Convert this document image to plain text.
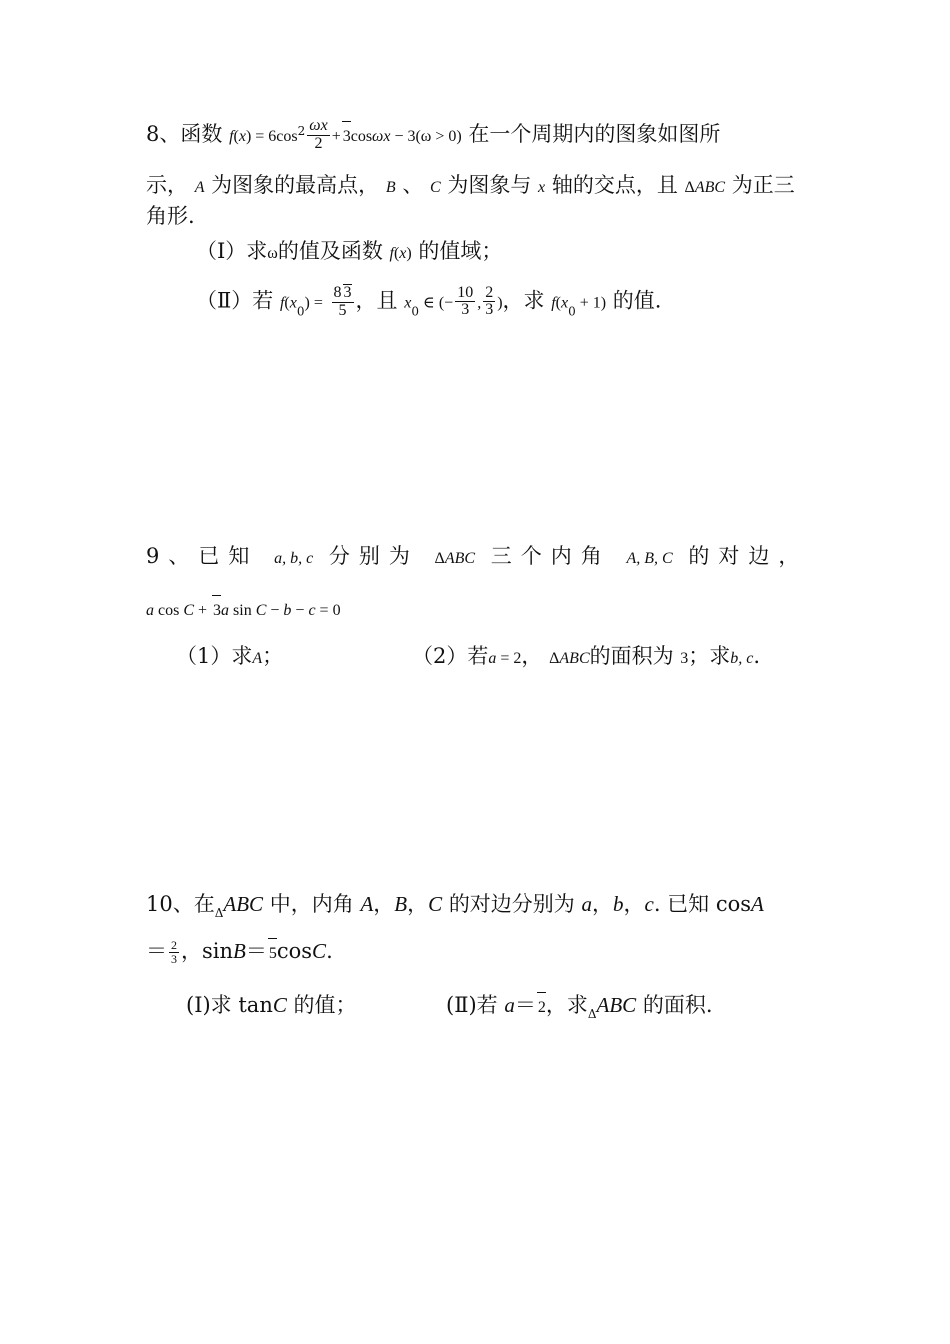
8、函数 $f(x) = 6\cos^2 \frac{\omega x}{2} + 3\cos\omega x - 3(\omega > 0)$ 在一个周期内的图象如图所
示， A 为图象的最高点， B 、 C 为图象与 x 轴的交点，且 ΔABC 为正三
角形.
（Ⅰ）求ω的值及函数 f(x) 的值域；
（Ⅱ）若 $f(x_0) = \frac{8 3}{5}$ ，且 $x_0$ ∈ (− $\frac{10}{3}$ , $\frac{2}{3}$ )，求 $f(x_0 + 1)$ 的值.
9、已知 a, b, c 分别为 ΔABC 三个内角 A, B, C 的对边，
a cos C + 3a sin C − b − c = 0
（1）求A；	（2）若a = 2， ΔABC的面积为 3；求b, c.
10、在$_\Delta$ABC 中，内角 A，B，C 的对边分别为 a，b，c. 已知 cosA
＝ $\frac{2}{3}$ ，sinB＝ 5cosC.
(Ⅰ)求 tanC 的值；	(Ⅱ)若 a＝ 2，求$_\Delta$ABC 的面积.
